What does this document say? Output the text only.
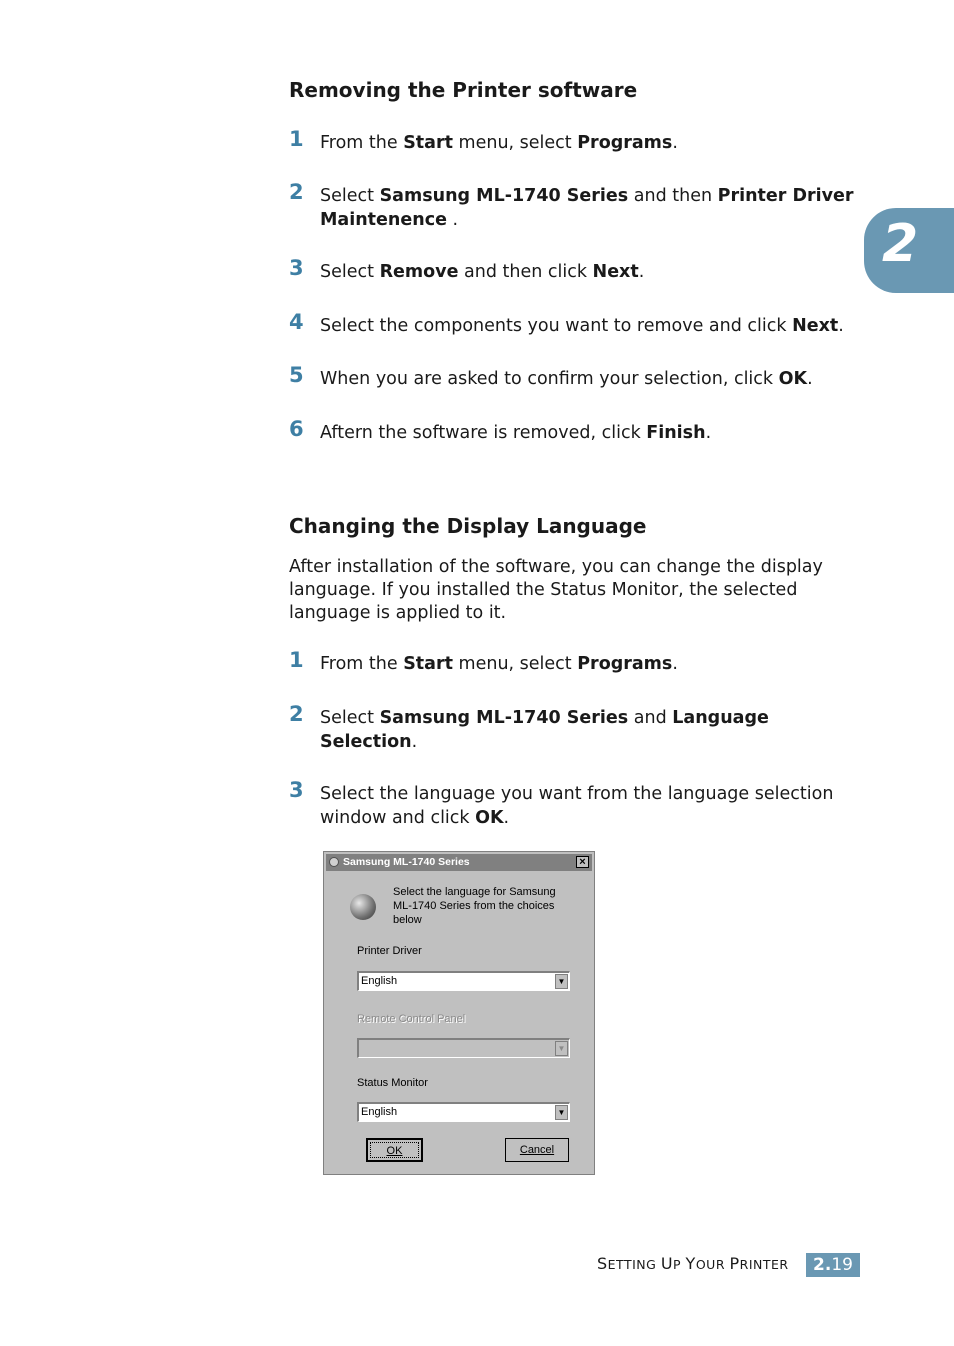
2
Removing the Printer software
1 From the Start menu, select Programs.
2 Select Samsung ML-1740 Series and then Printer Driver Maintenence .
3 Select Remove and then click Next.
4 Select the components you want to remove and click Next.
5 When you are asked to confirm your selection, click OK.
6 Aftern the software is removed, click Finish.
Changing the Display Language
After installation of the software, you can change the display language. If you installed the Status Monitor, the selected language is applied to it.
1 From the Start menu, select Programs.
2 Select Samsung ML-1740 Series and Language Selection.
3 Select the language you want from the language selection window and click OK.
Samsung ML-1740 Series	×
Select the language for Samsung ML-1740 Series from the choices below
Printer Driver
English	▼
Remote Control Panel
▼
Status Monitor
English	▼
OK	Cancel
SETTING UP YOUR PRINTER	2.19
